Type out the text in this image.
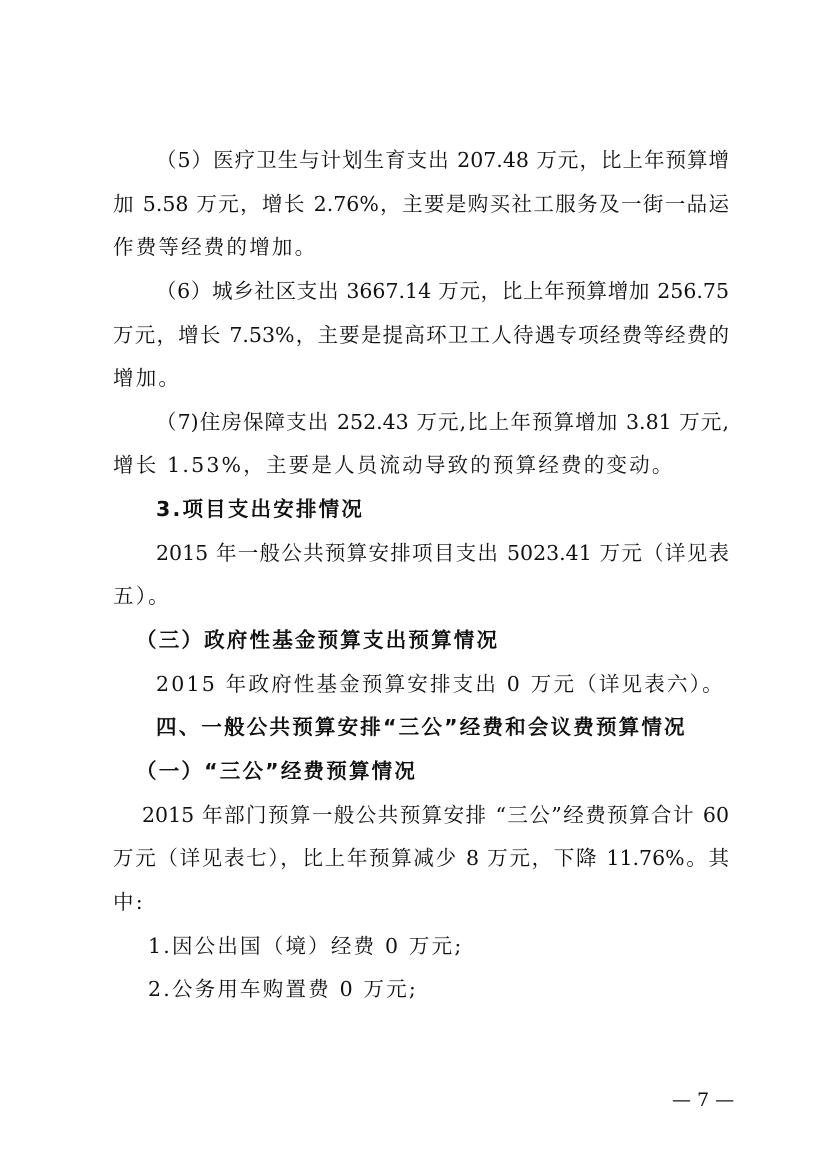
（5）医疗卫生与计划生育支出 207.48 万元，比上年预算增
加 5.58 万元，增长 2.76%，主要是购买社工服务及一街一品运
作费等经费的增加。
（6）城乡社区支出 3667.14 万元，比上年预算增加 256.75
万元，增长 7.53%，主要是提高环卫工人待遇专项经费等经费的
增加。
（7)住房保障支出 252.43 万元,比上年预算增加 3.81 万元,
增长 1.53%，主要是人员流动导致的预算经费的变动。
3.项目支出安排情况
2015 年一般公共预算安排项目支出 5023.41 万元（详见表
五）。
（三）政府性基金预算支出预算情况
2015 年政府性基金预算安排支出 0 万元（详见表六）。
四、一般公共预算安排“三公”经费和会议费预算情况
（一）“三公”经费预算情况
2015 年部门预算一般公共预算安排 “三公”经费预算合计 60
万元（详见表七），比上年预算减少 8 万元，下降 11.76%。其
中:
1.因公出国（境）经费 0 万元;
2.公务用车购置费 0 万元;
— 7 —
